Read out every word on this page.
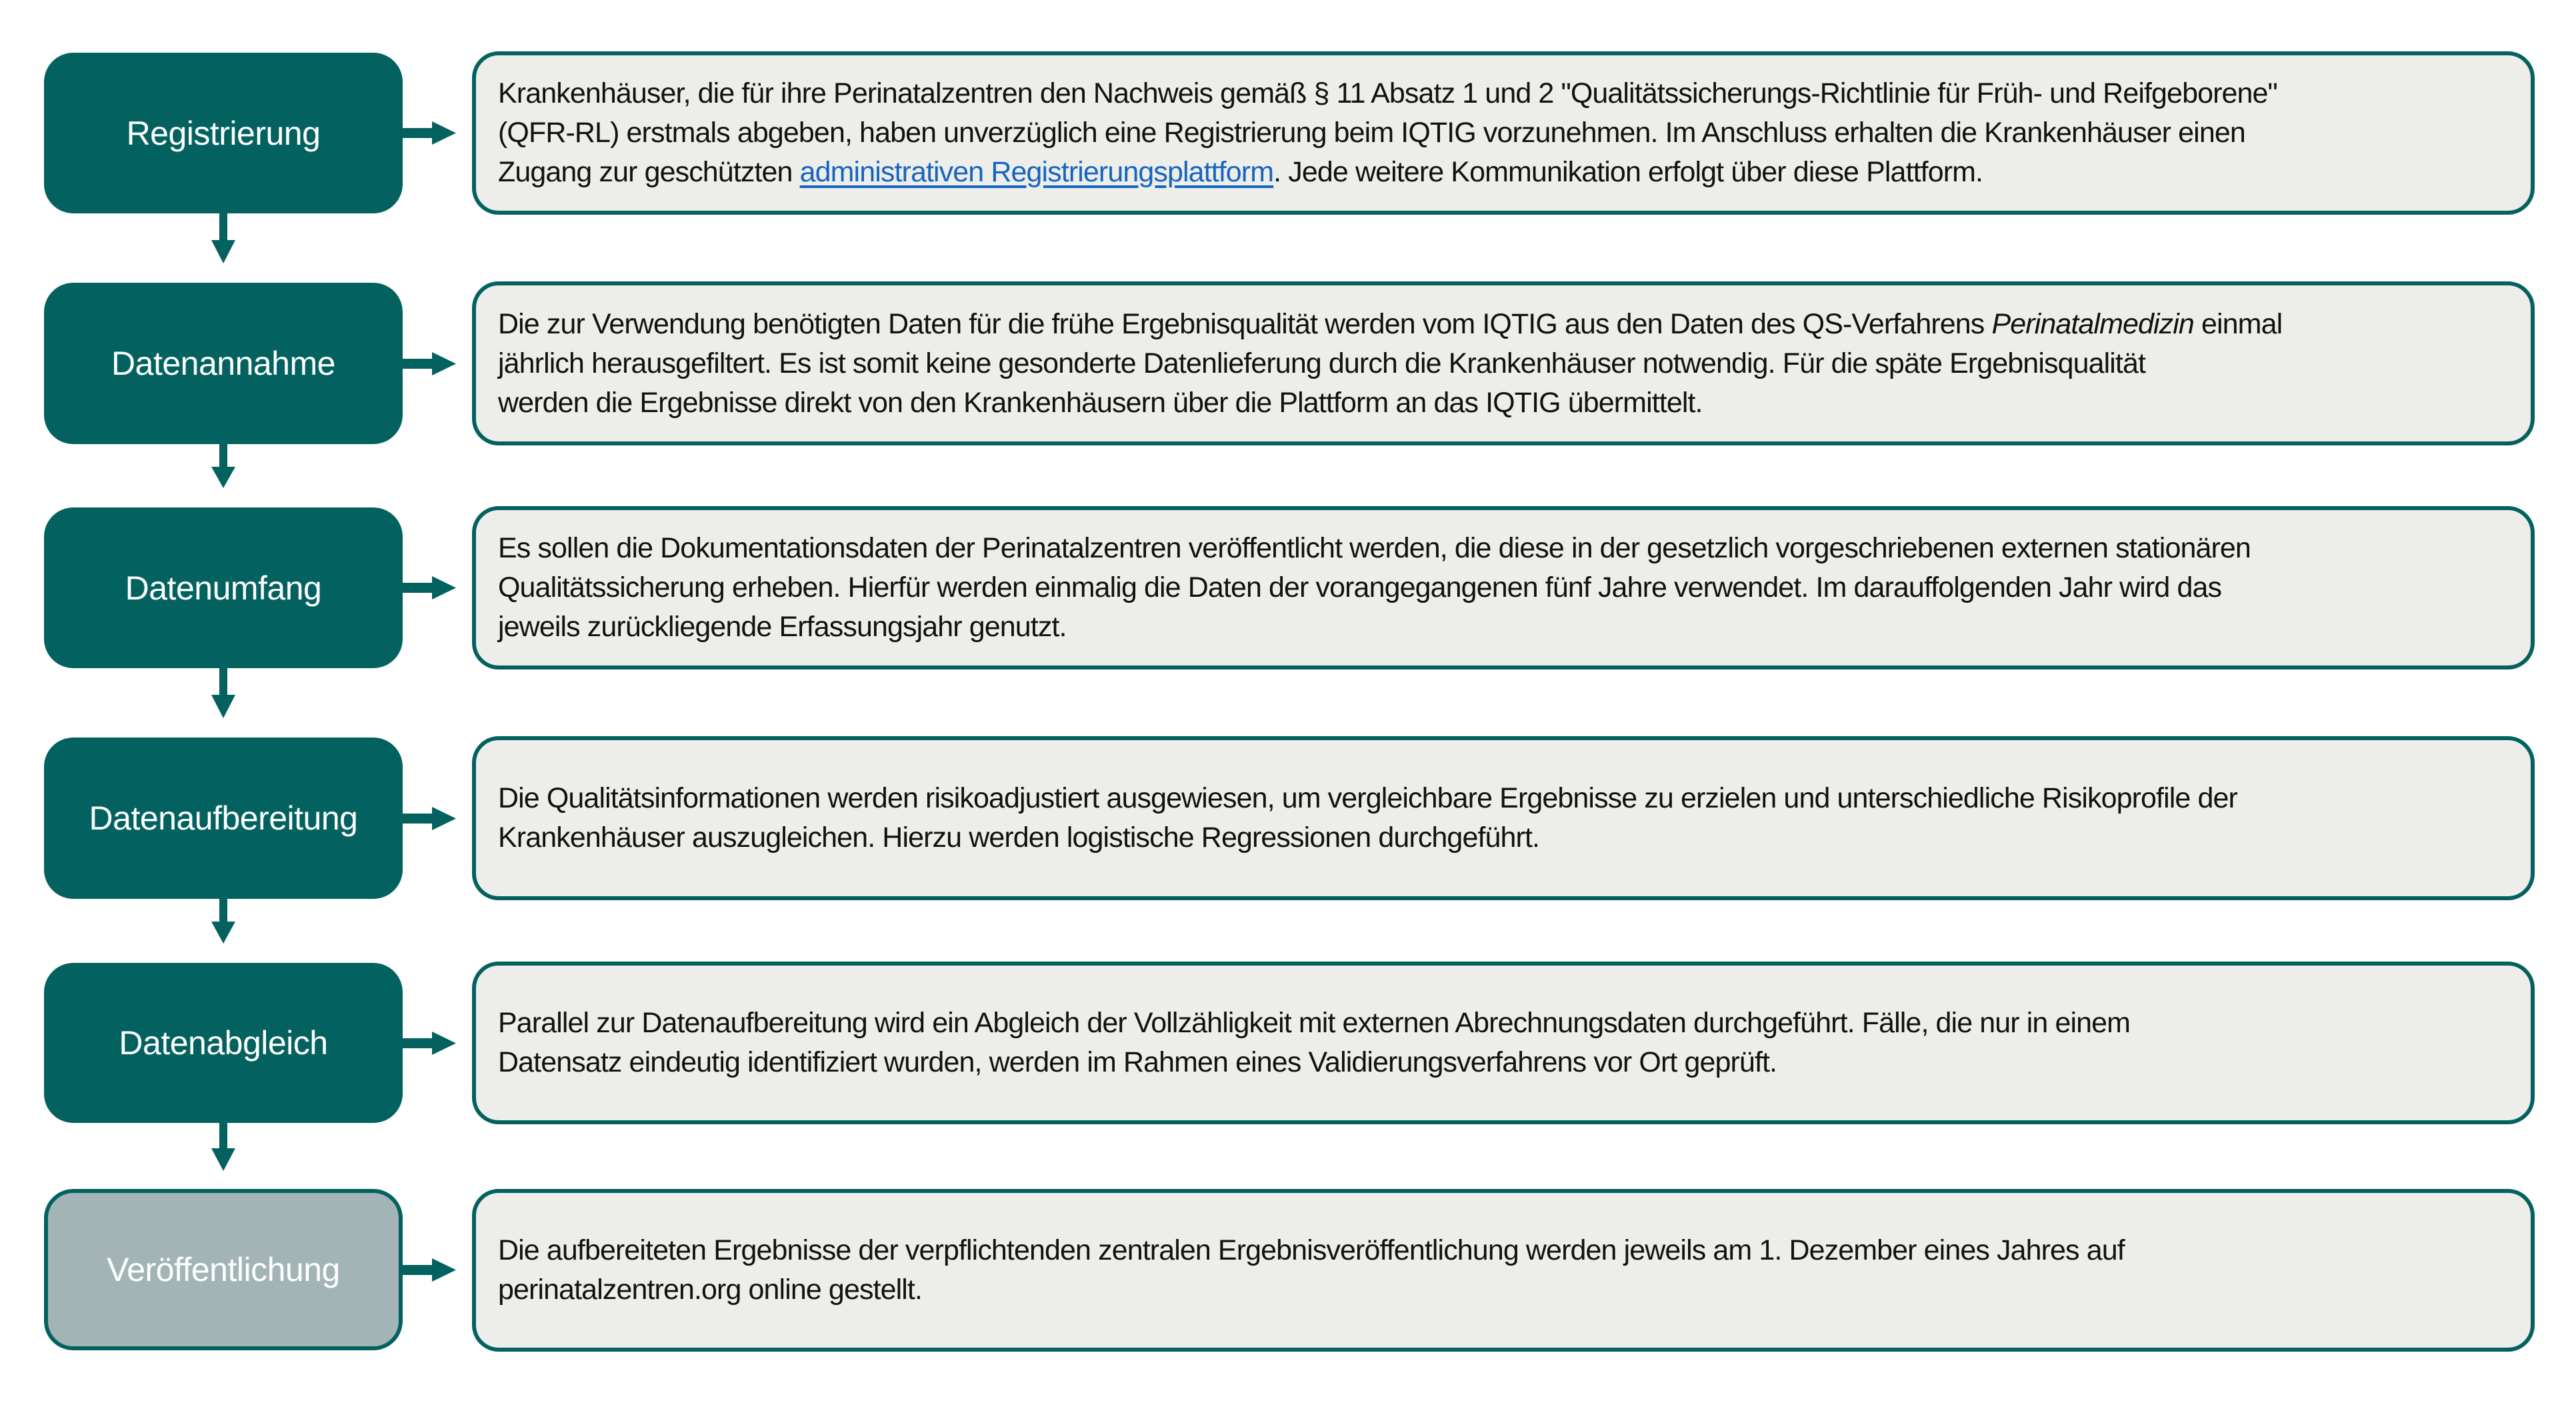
Registrierung
Krankenhäuser, die für ihre Perinatalzentren den Nachweis gemäß § 11 Absatz 1 und 2 "Qualitätssicherungs-Richtlinie für Früh- und Reifgeborene"
(QFR-RL) erstmals abgeben, haben unverzüglich eine Registrierung beim IQTIG vorzunehmen. Im Anschluss erhalten die Krankenhäuser einen
Zugang zur geschützten administrativen Registrierungsplattform. Jede weitere Kommunikation erfolgt über diese Plattform.
Datenannahme
Die zur Verwendung benötigten Daten für die frühe Ergebnisqualität werden vom IQTIG aus den Daten des QS-Verfahrens Perinatalmedizin einmal
jährlich herausgefiltert. Es ist somit keine gesonderte Datenlieferung durch die Krankenhäuser notwendig. Für die späte Ergebnisqualität
werden die Ergebnisse direkt von den Krankenhäusern über die Plattform an das IQTIG übermittelt.
Datenumfang
Es sollen die Dokumentationsdaten der Perinatalzentren veröffentlicht werden, die diese in der gesetzlich vorgeschriebenen externen stationären
Qualitätssicherung erheben. Hierfür werden einmalig die Daten der vorangegangenen fünf Jahre verwendet. Im darauffolgenden Jahr wird das
jeweils zurückliegende Erfassungsjahr genutzt.
Datenaufbereitung
Die Qualitätsinformationen werden risikoadjustiert ausgewiesen, um vergleichbare Ergebnisse zu erzielen und unterschiedliche Risikoprofile der
Krankenhäuser auszugleichen. Hierzu werden logistische Regressionen durchgeführt.
Datenabgleich
Parallel zur Datenaufbereitung wird ein Abgleich der Vollzähligkeit mit externen Abrechnungsdaten durchgeführt. Fälle, die nur in einem
Datensatz eindeutig identifiziert wurden, werden im Rahmen eines Validierungsverfahrens vor Ort geprüft.
Veröffentlichung
Die aufbereiteten Ergebnisse der verpflichtenden zentralen Ergebnisveröffentlichung werden jeweils am 1. Dezember eines Jahres auf
perinatalzentren.org online gestellt.
